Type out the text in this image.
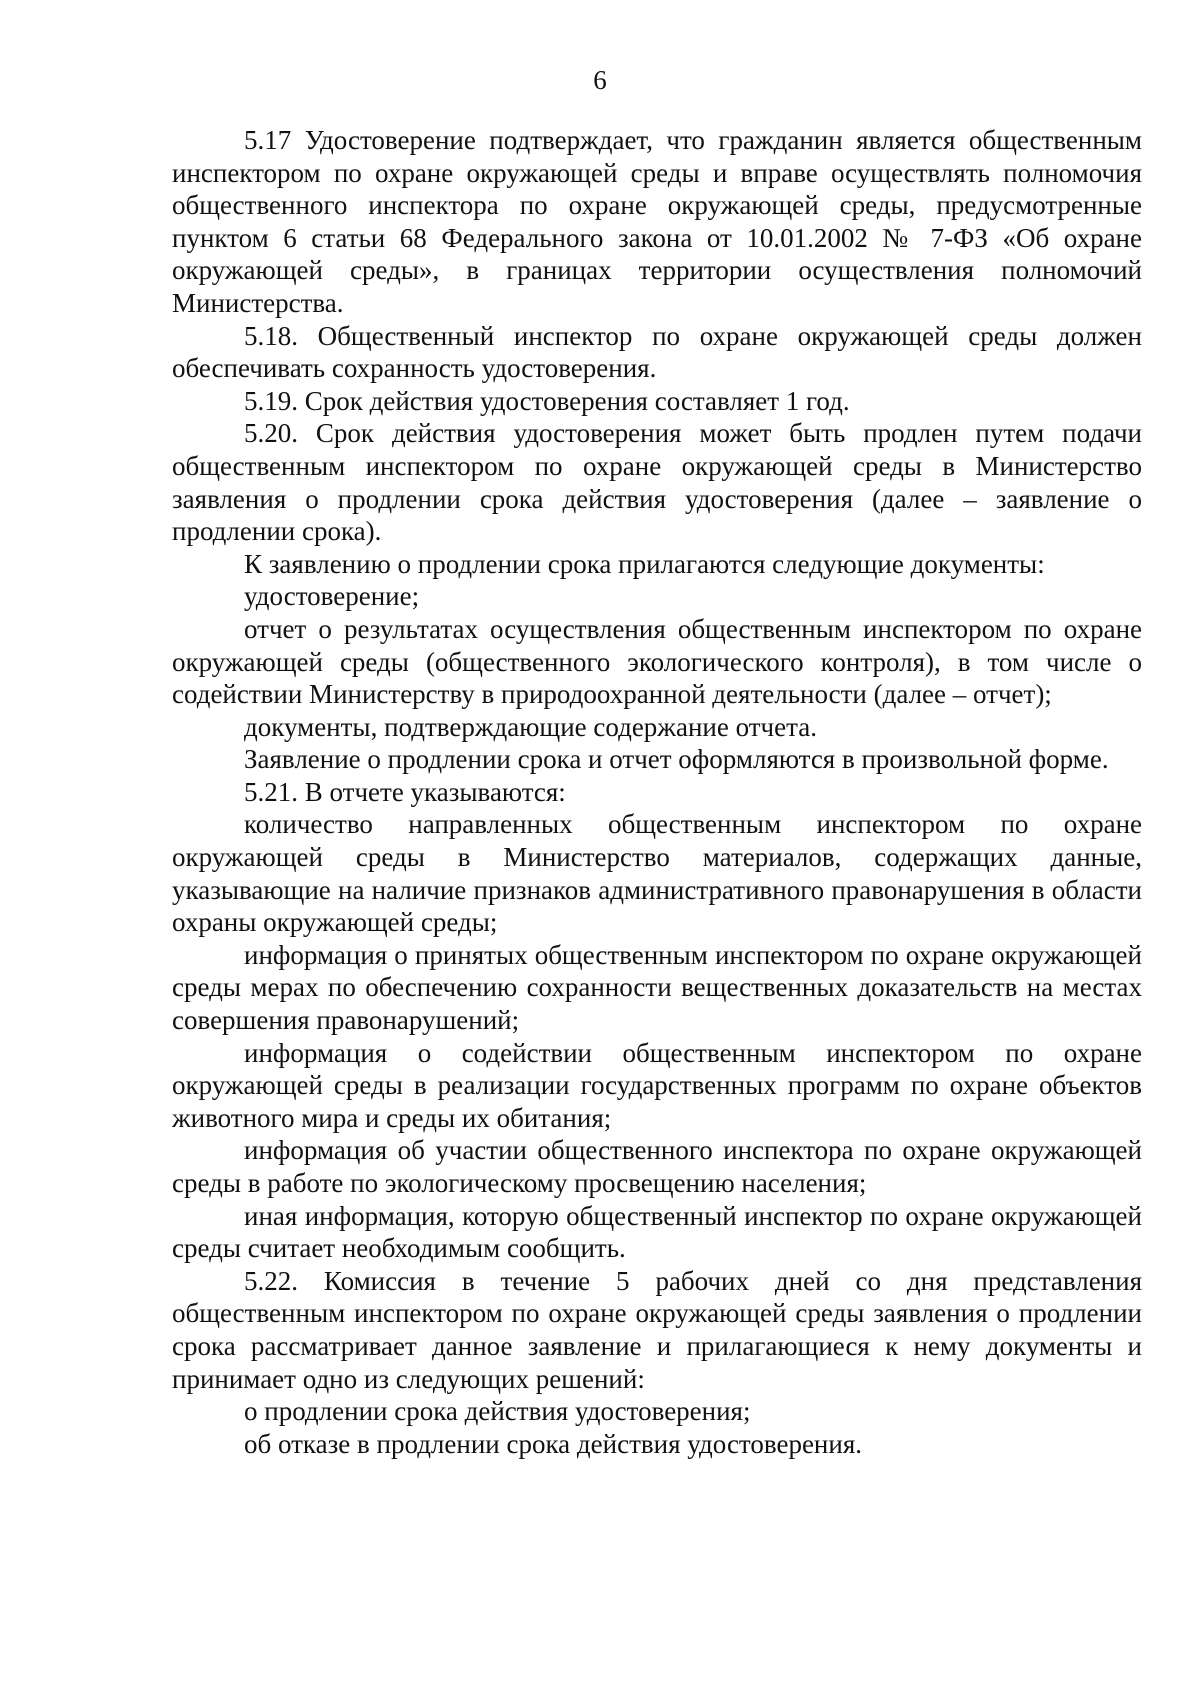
6

5.17 Удостоверение подтверждает, что гражданин является общественным инспектором по охране окружающей среды и вправе осуществлять полномочия общественного инспектора по охране окружающей среды, предусмотренные пунктом 6 статьи 68 Федерального закона от 10.01.2002 № 7-ФЗ «Об охране окружающей среды», в границах территории осуществления полномочий Министерства.

5.18. Общественный инспектор по охране окружающей среды должен обеспечивать сохранность удостоверения.

5.19. Срок действия удостоверения составляет 1 год.

5.20. Срок действия удостоверения может быть продлен путем подачи общественным инспектором по охране окружающей среды в Министерство заявления о продлении срока действия удостоверения (далее – заявление о продлении срока).

К заявлению о продлении срока прилагаются следующие документы:

удостоверение;

отчет о результатах осуществления общественным инспектором по охране окружающей среды (общественного экологического контроля), в том числе о содействии Министерству в природоохранной деятельности (далее – отчет);

документы, подтверждающие содержание отчета.

Заявление о продлении срока и отчет оформляются в произвольной форме.

5.21. В отчете указываются:

количество направленных общественным инспектором по охране окружающей среды в Министерство материалов, содержащих данные, указывающие на наличие признаков административного правонарушения в области охраны окружающей среды;

информация о принятых общественным инспектором по охране окружающей среды мерах по обеспечению сохранности вещественных доказательств на местах совершения правонарушений;

информация о содействии общественным инспектором по охране окружающей среды в реализации государственных программ по охране объектов животного мира и среды их обитания;

информация об участии общественного инспектора по охране окружающей среды в работе по экологическому просвещению населения;

иная информация, которую общественный инспектор по охране окружающей среды считает необходимым сообщить.

5.22. Комиссия в течение 5 рабочих дней со дня представления общественным инспектором по охране окружающей среды заявления о продлении срока рассматривает данное заявление и прилагающиеся к нему документы и принимает одно из следующих решений:

о продлении срока действия удостоверения;

об отказе в продлении срока действия удостоверения.
